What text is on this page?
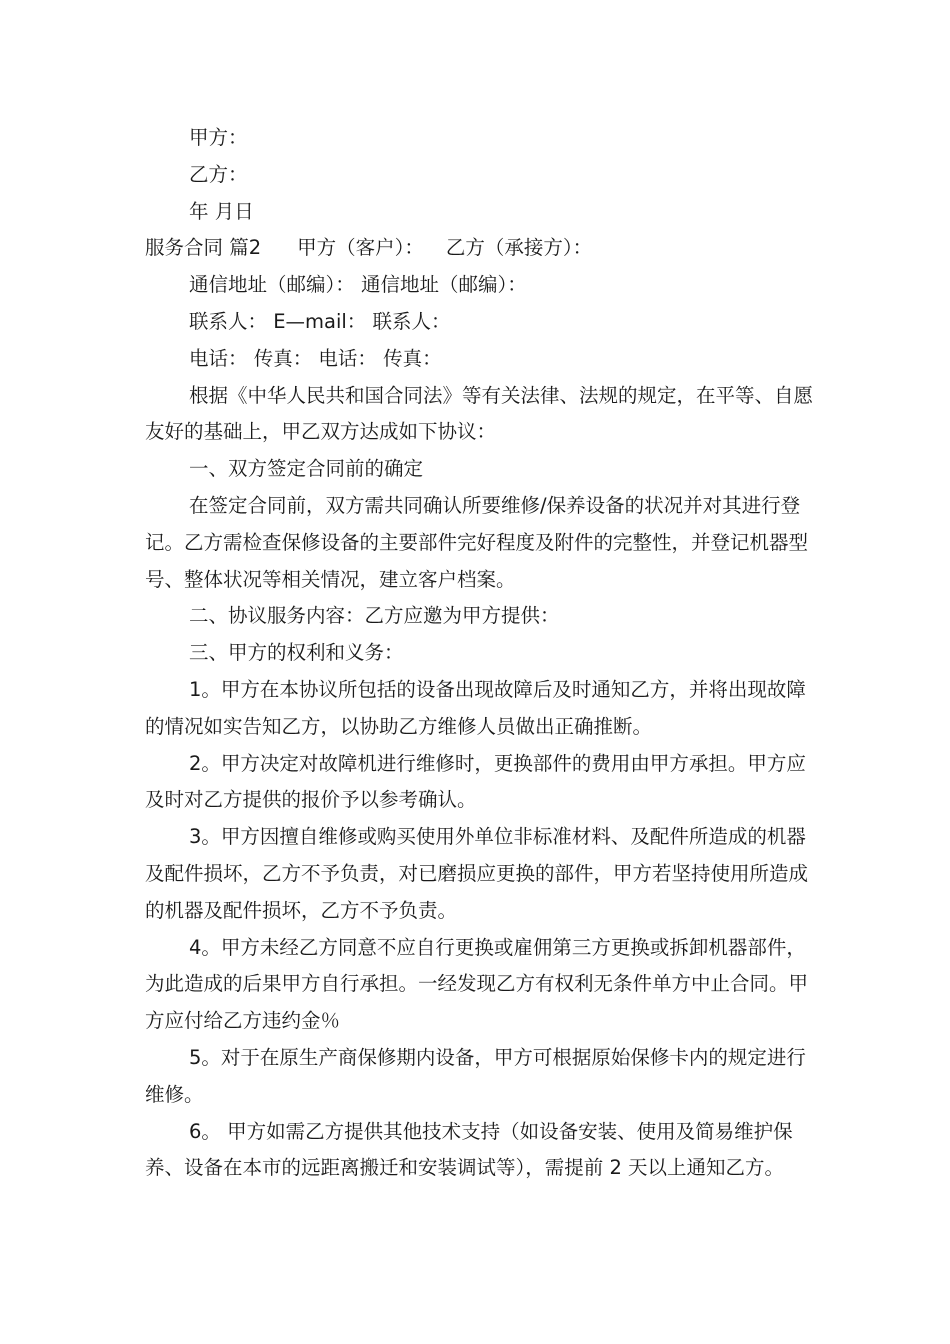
甲方：

乙方：

年 月日

服务合同 篇2 甲方（客户）： 乙方（承接方）：

通信地址（邮编）： 通信地址（邮编）：

联系人： E—mail： 联系人：

电话： 传真： 电话： 传真：

根据《中华人民共和国合同法》等有关法律、法规的规定，在平等、自愿友好的基础上，甲乙双方达成如下协议：

一、双方签定合同前的确定

在签定合同前，双方需共同确认所要维修/保养设备的状况并对其进行登记。乙方需检查保修设备的主要部件完好程度及附件的完整性，并登记机器型号、整体状况等相关情况，建立客户档案。

二、协议服务内容：乙方应邀为甲方提供：

三、甲方的权利和义务：

1。甲方在本协议所包括的设备出现故障后及时通知乙方，并将出现故障的情况如实告知乙方，以协助乙方维修人员做出正确推断。

2。甲方决定对故障机进行维修时，更换部件的费用由甲方承担。甲方应及时对乙方提供的报价予以参考确认。

3。甲方因擅自维修或购买使用外单位非标准材料、及配件所造成的机器及配件损坏，乙方不予负责，对已磨损应更换的部件，甲方若坚持使用所造成的机器及配件损坏，乙方不予负责。

4。甲方未经乙方同意不应自行更换或雇佣第三方更换或拆卸机器部件，为此造成的后果甲方自行承担。一经发现乙方有权利无条件单方中止合同。甲方应付给乙方违约金％

5。对于在原生产商保修期内设备，甲方可根据原始保修卡内的规定进行维修。

6。 甲方如需乙方提供其他技术支持（如设备安装、使用及简易维护保养、设备在本市的远距离搬迁和安装调试等），需提前 2 天以上通知乙方。
